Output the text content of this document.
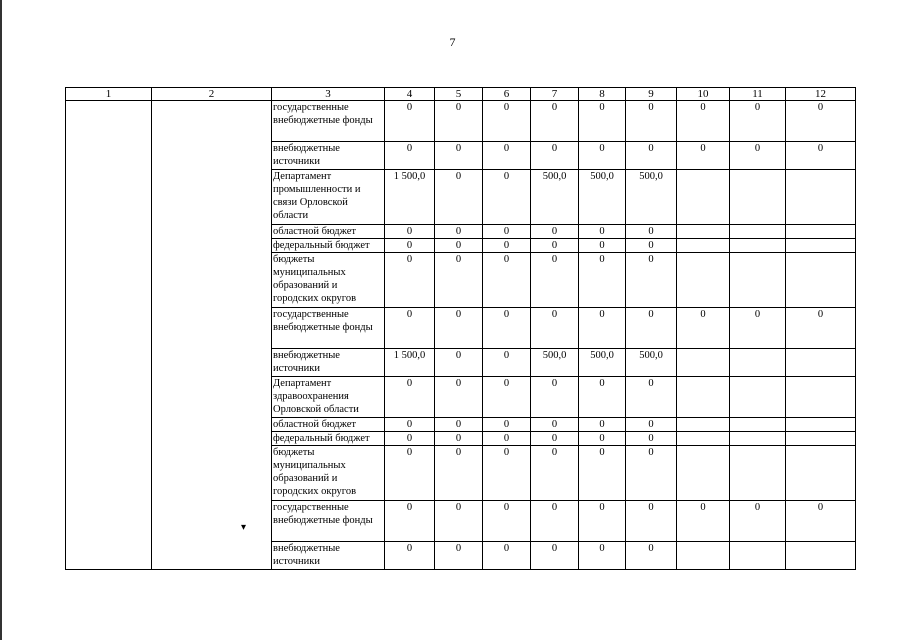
7
1	2	3	4	5	6	7	8	9	10	11	12
		государственные внебюджетные фонды	0	0	0	0	0	0	0	0	0
		внебюджетные источники	0	0	0	0	0	0	0	0	0
		Департамент промышленности и связи Орловской области	1 500,0	0	0	500,0	500,0	500,0			
		областной бюджет	0	0	0	0	0	0			
		федеральный бюджет	0	0	0	0	0	0			
		бюджеты муниципальных образований и городских округов	0	0	0	0	0	0			
		государственные внебюджетные фонды	0	0	0	0	0	0	0	0	0
		внебюджетные источники	1 500,0	0	0	500,0	500,0	500,0			
		Департамент здравоохранения Орловской области	0	0	0	0	0	0			
		областной бюджет	0	0	0	0	0	0			
		федеральный бюджет	0	0	0	0	0	0			
		бюджеты муниципальных образований и городских округов	0	0	0	0	0	0			
		государственные внебюджетные фонды	0	0	0	0	0	0	0	0	0
		внебюджетные источники	0	0	0	0	0	0			
▾
